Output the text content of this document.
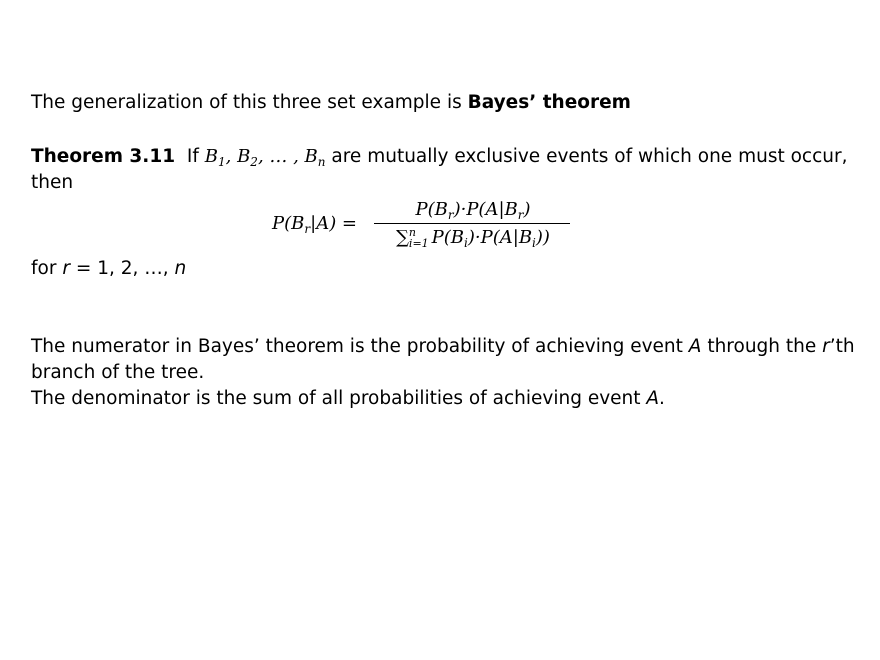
The generalization of this three set example is Bayes’ theorem
Theorem 3.11 If $B_1$, $B_2$, … , $B_n$ are mutually exclusive events of which one must occur,
then
$P(B_r|A)$ =
$P(B_r)\cdot P(A|B_r)$
∑n
i=1 $P(B_i)\cdot P(A|B_i)$)
for r = 1, 2, …, n
The numerator in Bayes’ theorem is the probability of achieving event A through the r’th
branch of the tree.
The denominator is the sum of all probabilities of achieving event A.
